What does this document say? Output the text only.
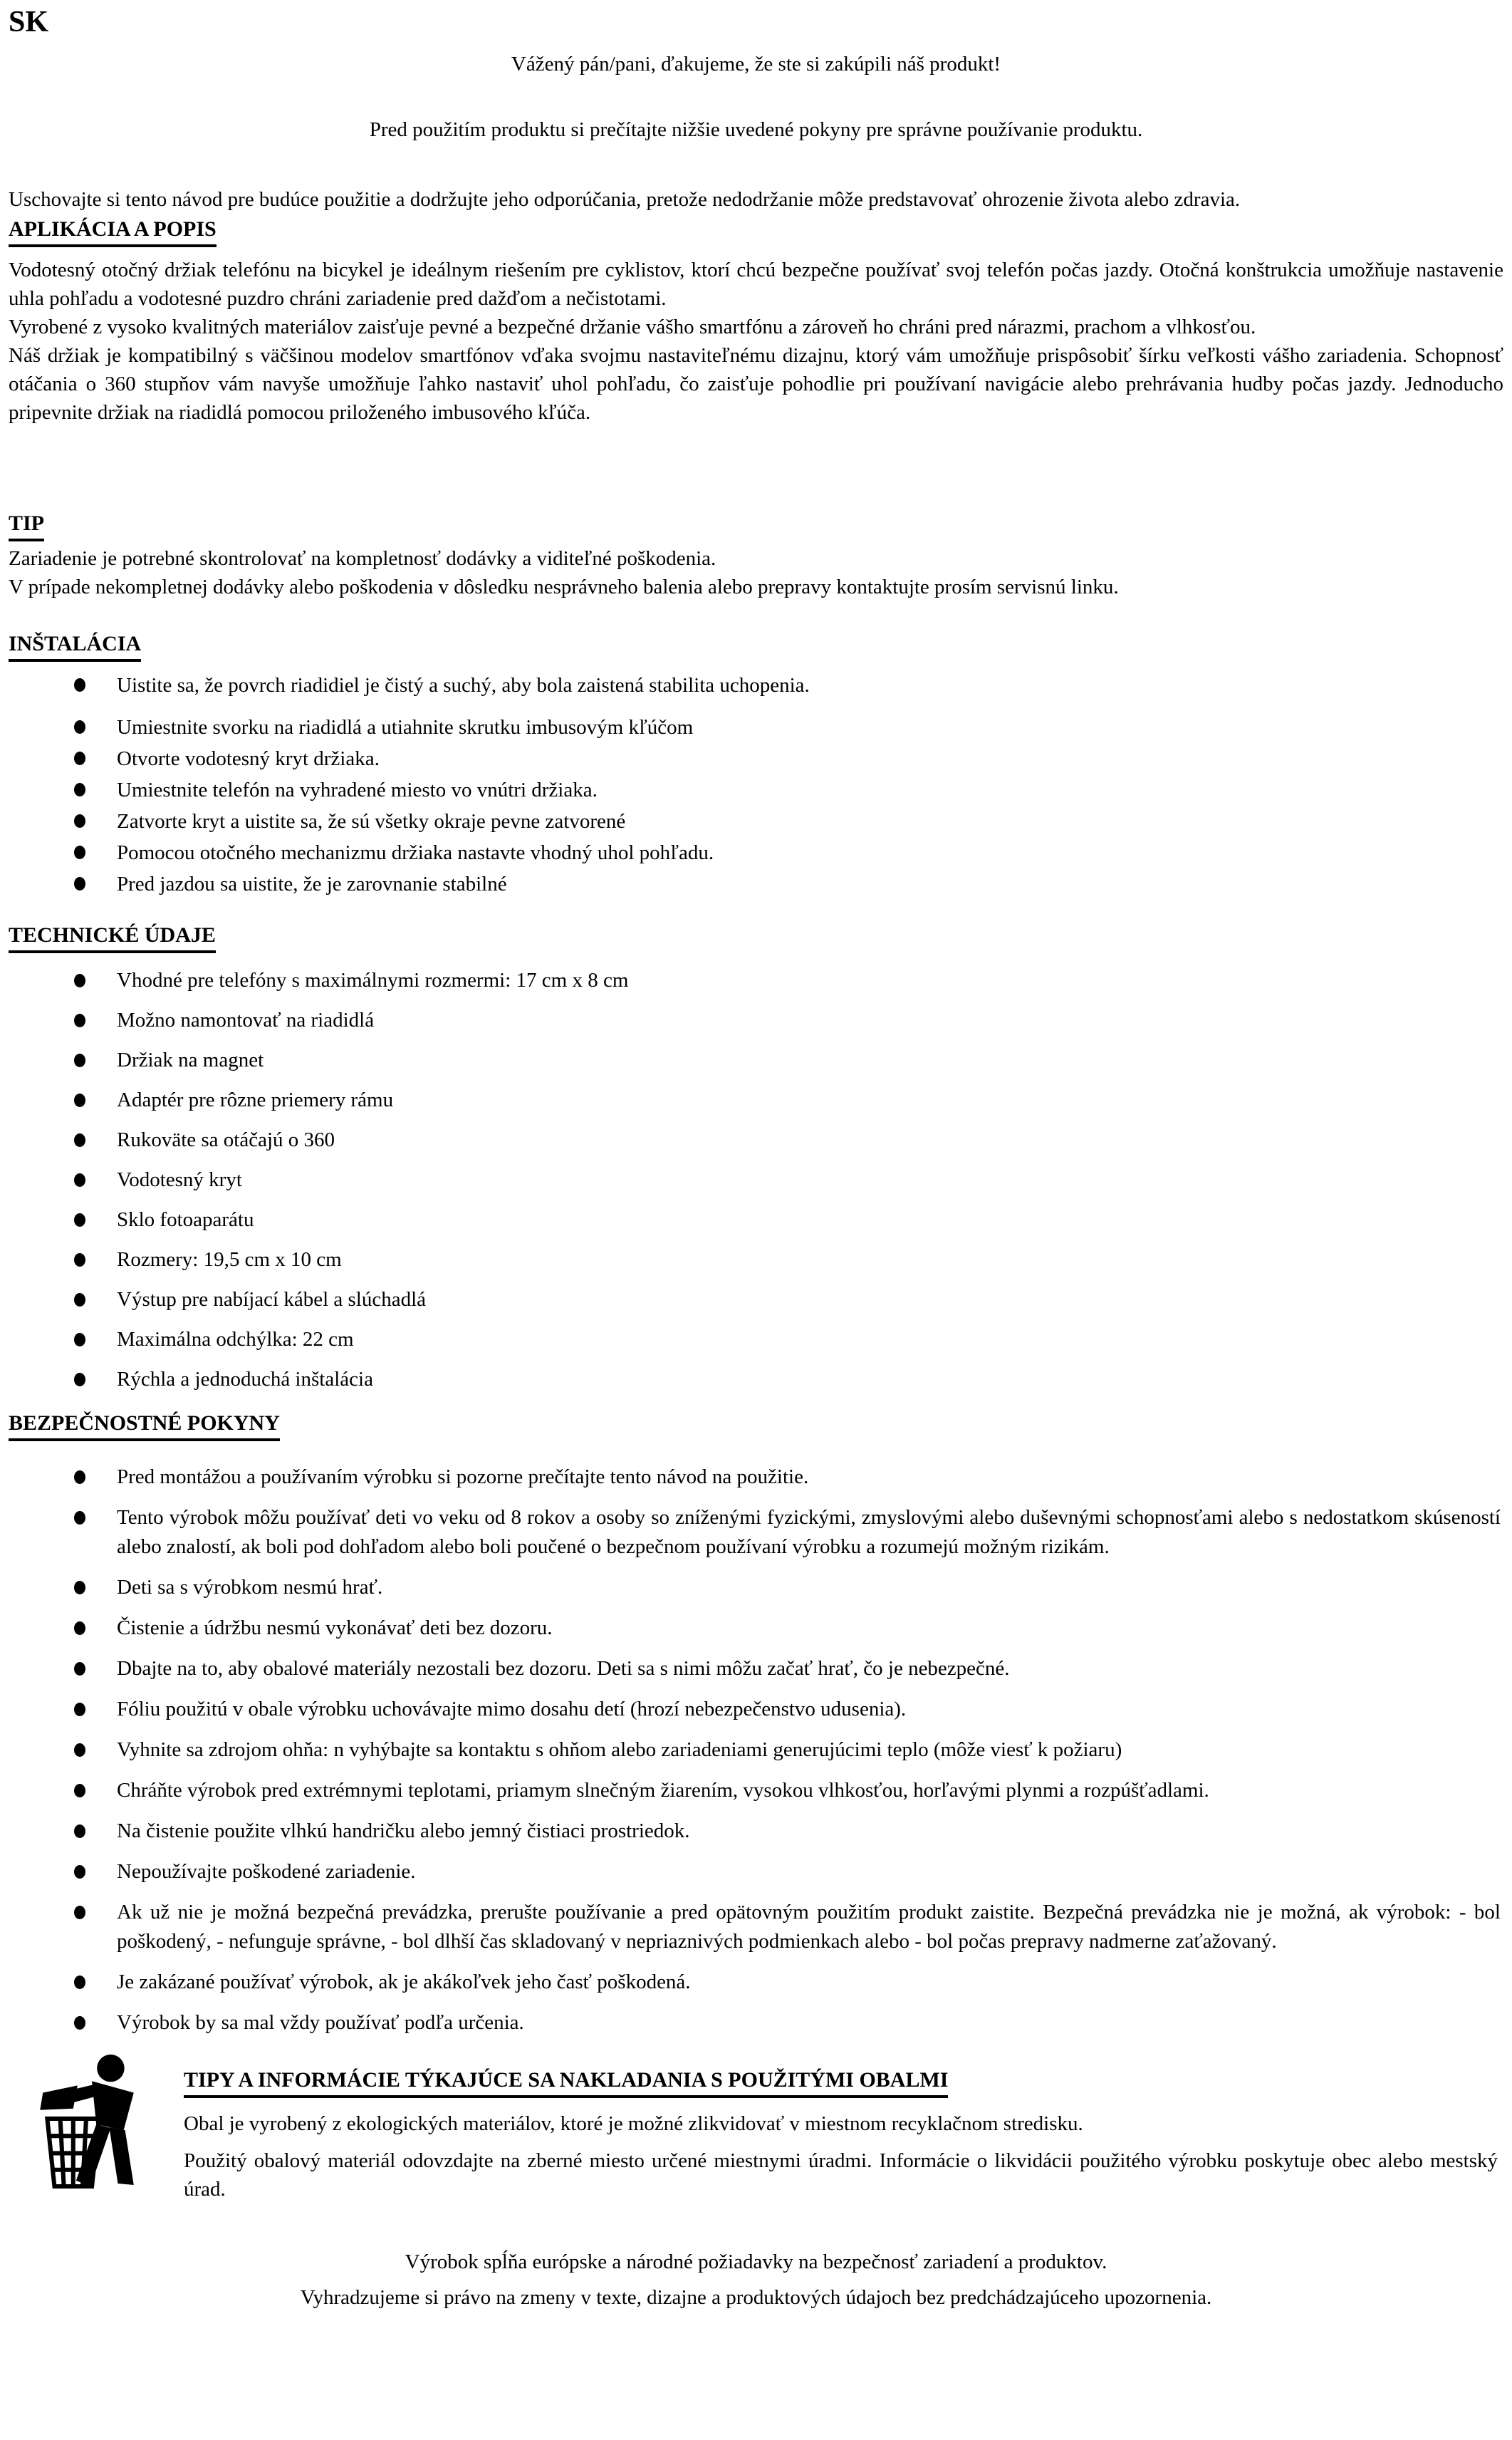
SK
Vážený pán/pani, ďakujeme, že ste si zakúpili náš produkt!
Pred použitím produktu si prečítajte nižšie uvedené pokyny pre správne používanie produktu.
Uschovajte si tento návod pre budúce použitie a dodržujte jeho odporúčania, pretože nedodržanie môže predstavovať ohrozenie života alebo zdravia.
APLIKÁCIA A POPIS

Vodotesný otočný držiak telefónu na bicykel je ideálnym riešením pre cyklistov, ktorí chcú bezpečne používať svoj telefón počas jazdy. Otočná konštrukcia umožňuje nastavenie uhla pohľadu a vodotesné puzdro chráni zariadenie pred dažďom a nečistotami.

Vyrobené z vysoko kvalitných materiálov zaisťuje pevné a bezpečné držanie vášho smartfónu a zároveň ho chráni pred nárazmi, prachom a vlhkosťou.

Náš držiak je kompatibilný s väčšinou modelov smartfónov vďaka svojmu nastaviteľnému dizajnu, ktorý vám umožňuje prispôsobiť šírku veľkosti vášho zariadenia. Schopnosť otáčania o 360 stupňov vám navyše umožňuje ľahko nastaviť uhol pohľadu, čo zaisťuje pohodlie pri používaní navigácie alebo prehrávania hudby počas jazdy. Jednoducho pripevnite držiak na riadidlá pomocou priloženého imbusového kľúča.

TIP

Zariadenie je potrebné skontrolovať na kompletnosť dodávky a viditeľné poškodenia.

V prípade nekompletnej dodávky alebo poškodenia v dôsledku nesprávneho balenia alebo prepravy kontaktujte prosím servisnú linku.

INŠTALÁCIA
Uistite sa, že povrch riadidiel je čistý a suchý, aby bola zaistená stabilita uchopenia.
Umiestnite svorku na riadidlá a utiahnite skrutku imbusovým kľúčom
Otvorte vodotesný kryt držiaka.
Umiestnite telefón na vyhradené miesto vo vnútri držiaka.
Zatvorte kryt a uistite sa, že sú všetky okraje pevne zatvorené
Pomocou otočného mechanizmu držiaka nastavte vhodný uhol pohľadu.
Pred jazdou sa uistite, že je zarovnanie stabilné
TECHNICKÉ ÚDAJE
Vhodné pre telefóny s maximálnymi rozmermi: 17 cm x 8 cm
Možno namontovať na riadidlá
Držiak na magnet
Adaptér pre rôzne priemery rámu
Rukoväte sa otáčajú o 360
Vodotesný kryt
Sklo fotoaparátu
Rozmery: 19,5 cm x 10 cm
Výstup pre nabíjací kábel a slúchadlá
Maximálna odchýlka: 22 cm
Rýchla a jednoduchá inštalácia
BEZPEČNOSTNÉ POKYNY
Pred montážou a používaním výrobku si pozorne prečítajte tento návod na použitie.
Tento výrobok môžu používať deti vo veku od 8 rokov a osoby so zníženými fyzickými, zmyslovými alebo duševnými schopnosťami alebo s nedostatkom skúseností alebo znalostí, ak boli pod dohľadom alebo boli poučené o bezpečnom používaní výrobku a rozumejú možným rizikám.
Deti sa s výrobkom nesmú hrať.
Čistenie a údržbu nesmú vykonávať deti bez dozoru.
Dbajte na to, aby obalové materiály nezostali bez dozoru. Deti sa s nimi môžu začať hrať, čo je nebezpečné.
Fóliu použitú v obale výrobku uchovávajte mimo dosahu detí (hrozí nebezpečenstvo udusenia).
Vyhnite sa zdrojom ohňa: n vyhýbajte sa kontaktu s ohňom alebo zariadeniami generujúcimi teplo (môže viesť k požiaru)
Chráňte výrobok pred extrémnymi teplotami, priamym slnečným žiarením, vysokou vlhkosťou, horľavými plynmi a rozpúšťadlami.
Na čistenie použite vlhkú handričku alebo jemný čistiaci prostriedok.
Nepoužívajte poškodené zariadenie.
Ak už nie je možná bezpečná prevádzka, prerušte používanie a pred opätovným použitím produkt zaistite. Bezpečná prevádzka nie je možná, ak výrobok: - bol poškodený, - nefunguje správne, - bol dlhší čas skladovaný v nepriaznivých podmienkach alebo - bol počas prepravy nadmerne zaťažovaný.
Je zakázané používať výrobok, ak je akákoľvek jeho časť poškodená.
Výrobok by sa mal vždy používať podľa určenia.
TIPY A INFORMÁCIE TÝKAJÚCE SA NAKLADANIA S POUŽITÝMI OBALMI

Obal je vyrobený z ekologických materiálov, ktoré je možné zlikvidovať v miestnom recyklačnom stredisku.

Použitý obalový materiál odovzdajte na zberné miesto určené miestnymi úradmi. Informácie o likvidácii použitého výrobku poskytuje obec alebo mestský úrad.

Výrobok spĺňa európske a národné požiadavky na bezpečnosť zariadení a produktov.
Vyhradzujeme si právo na zmeny v texte, dizajne a produktových údajoch bez predchádzajúceho upozornenia.
